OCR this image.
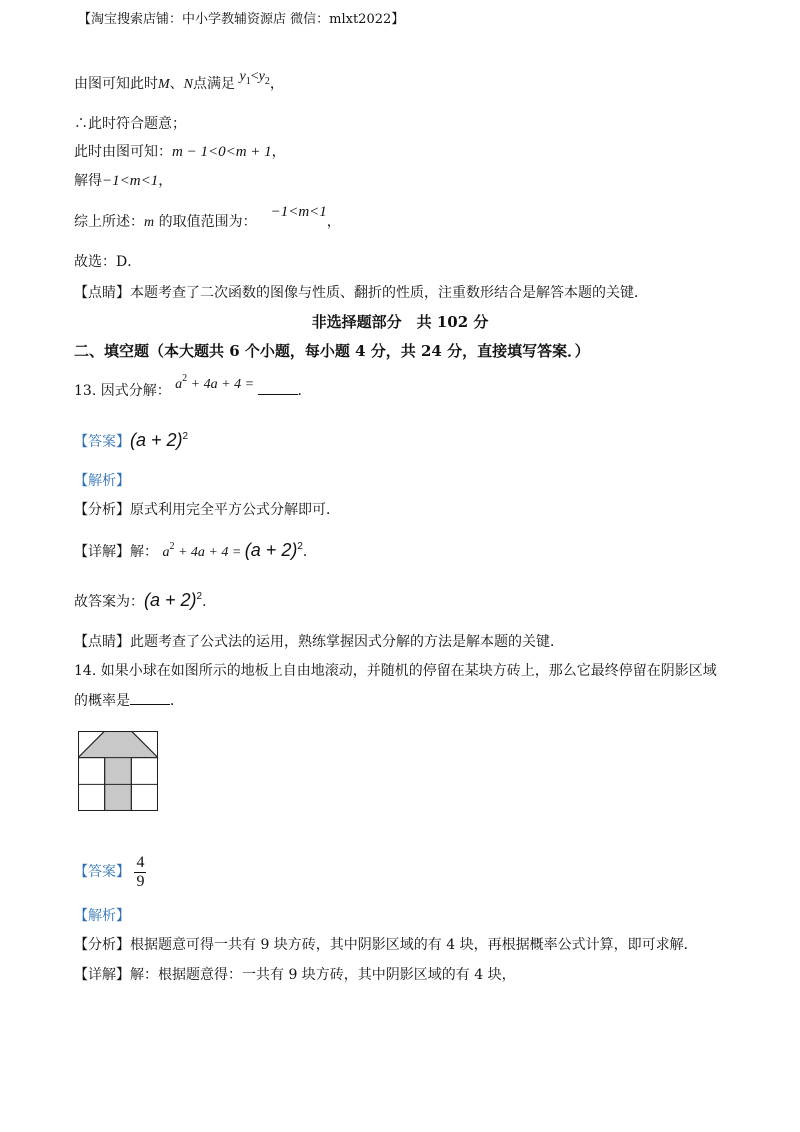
【淘宝搜索店铺：中小学教辅资源店 微信：mlxt2022】
由图可知此时M、N点满足 $y_1<y_2$，
∴此时符合题意；
此时由图可知：m − 1<0<m + 1，
解得−1<m<1，
综上所述：m 的取值范围为：−1<m<1，
故选：D．
【点睛】本题考查了二次函数的图像与性质、翻折的性质，注重数形结合是解答本题的关键．
非选择题部分　共 102 分
二、填空题（本大题共 6 个小题，每小题 4 分，共 24 分，直接填写答案．）
13. 因式分解： $a^2 + 4a + 4$ =	．
【答案】$(a + 2)^2$
【解析】
【分析】原式利用完全平方公式分解即可．
【详解】解： $a^2 + 4a + 4 = (a + 2)^2$．
故答案为：$(a + 2)^2$．
【点睛】此题考查了公式法的运用，熟练掌握因式分解的方法是解本题的关键．
14. 如果小球在如图所示的地板上自由地滚动，并随机的停留在某块方砖上，那么它最终停留在阴影区域
的概率是	．
【答案】 $\frac{4}{9}$
【解析】
【分析】根据题意可得一共有 9 块方砖，其中阴影区域的有 4 块，再根据概率公式计算，即可求解．
【详解】解：根据题意得：一共有 9 块方砖，其中阴影区域的有 4 块，
